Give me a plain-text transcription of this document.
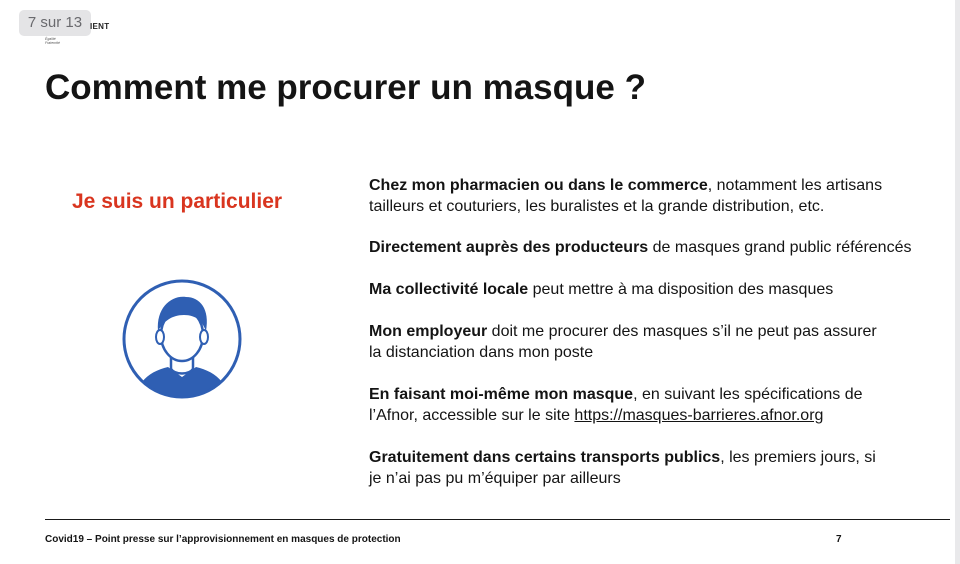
7 sur 13 IENT
Égalité Fraternité
Comment me procurer un masque ?
Je suis un particulier
Chez mon pharmacien ou dans le commerce, notamment les artisans
tailleurs et couturiers, les buralistes et la grande distribution, etc.
Directement auprès des producteurs de masques grand public référencés
Ma collectivité locale peut mettre à ma disposition des masques
Mon employeur doit me procurer des masques s’il ne peut pas assurer
la distanciation dans mon poste
En faisant moi-même mon masque, en suivant les spécifications de
l’Afnor, accessible sur le site https://masques-barrieres.afnor.org
Gratuitement dans certains transports publics, les premiers jours, si
je n’ai pas pu m’équiper par ailleurs
Covid19 – Point presse sur l’approvisionnement en masques de protection	7
